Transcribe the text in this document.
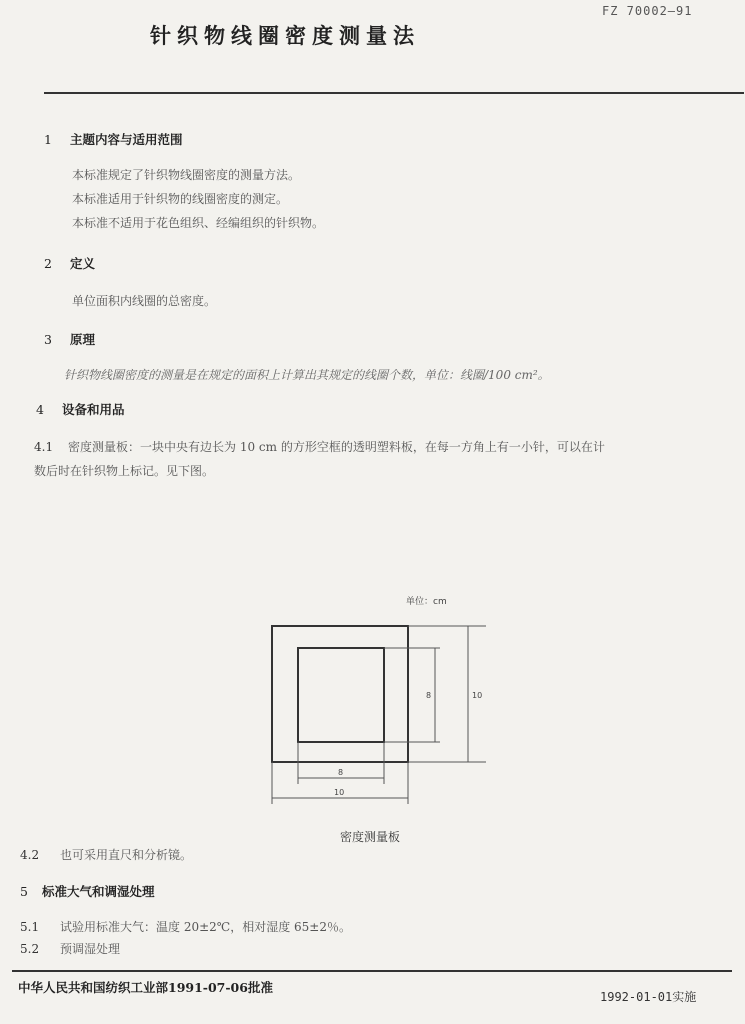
FZ 70002—91
针织物线圈密度测量法
1 主题内容与适用范围
本标准规定了针织物线圈密度的测量方法。
本标准适用于针织物的线圈密度的测定。
本标准不适用于花色组织、经编组织的针织物。
2 定义
单位面积内线圈的总密度。
3 原理
针织物线圈密度的测量是在规定的面积上计算出其规定的线圈个数，单位：线圈/100 cm²。
4 设备和用品
4.1 密度测量板：一块中央有边长为 10 cm 的方形空框的透明塑料板，在每一方角上有一小针，可以在计
数后时在针织物上标记。见下图。
单位：cm
8	10
8
10
密度测量板
4.2 也可采用直尺和分析镜。
5 标准大气和调湿处理
5.1 试验用标准大气：温度 20±2℃，相对湿度 65±2％。
5.2 预调湿处理
中华人民共和国纺织工业部1991-07-06批准
1992-01-01实施
